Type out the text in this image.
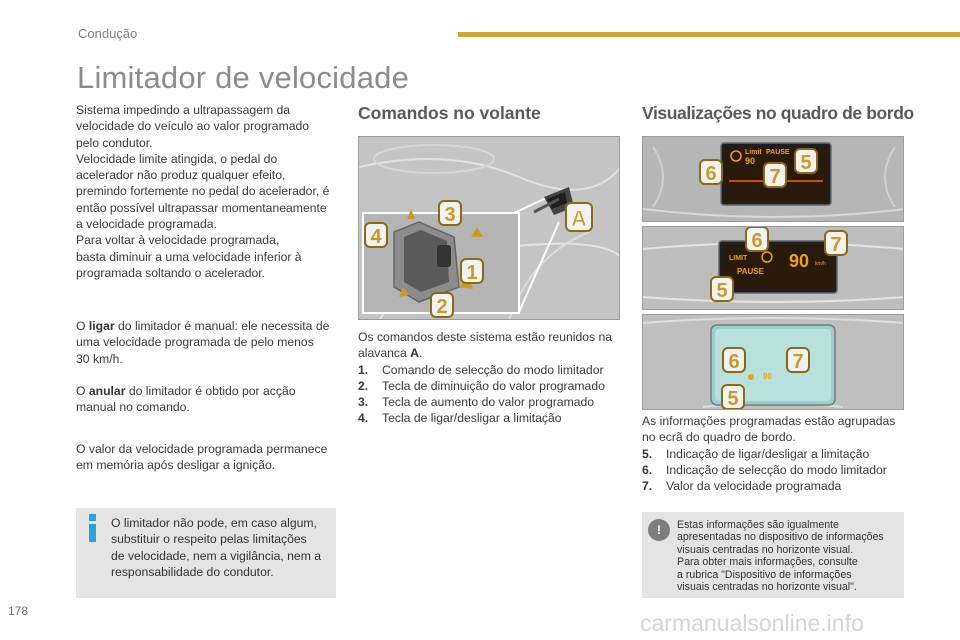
Condução
Limitador de velocidade

Sistema impedindo a ultrapassagem da

velocidade do veículo ao valor programado

pelo condutor.

Velocidade limite atingida, o pedal do

acelerador não produz qualquer efeito,

premindo fortemente no pedal do acelerador, é

então possível ultrapassar momentaneamente

a velocidade programada.

Para voltar à velocidade programada,

basta diminuir a uma velocidade inferior à

programada soltando o acelerador.

O ligar do limitador é manual: ele necessita de

uma velocidade programada de pelo menos

30 km/h.

O anular do limitador é obtido por acção

manual no comando.

O valor da velocidade programada permanece

em memória após desligar a ignição.

O limitador não pode, em caso algum,

substituir o respeito pelas limitações

de velocidade, nem a vigilância, nem a

responsabilidade do condutor.

Comandos no volante
A
1
2
3
4

Os comandos deste sistema estão reunidos na

alavanca A.

1.	Comando de selecção do modo limitador
2.	Tecla de diminuição do valor programado
3.	Tecla de aumento do valor programado
4.	Tecla de ligar/desligar a limitação
Visualizações no quadro de bordo
Limit PAUSE
90
6	7
5
LIMIT
PAUSE
90 km/h
6	7
5
90
6	7
5

As informações programadas estão agrupadas

no ecrã do quadro de bordo.

5.	Indicação de ligar/desligar a limitação
6.	Indicação de selecção do modo limitador
7.	Valor da velocidade programada
!	Estas informações são igualmente

apresentadas no dispositivo de informações

visuais centradas no horizonte visual.

Para obter mais informações, consulte

a rubrica "Dispositivo de informações

visuais centradas no horizonte visual".

178	carmanualsonline.info
